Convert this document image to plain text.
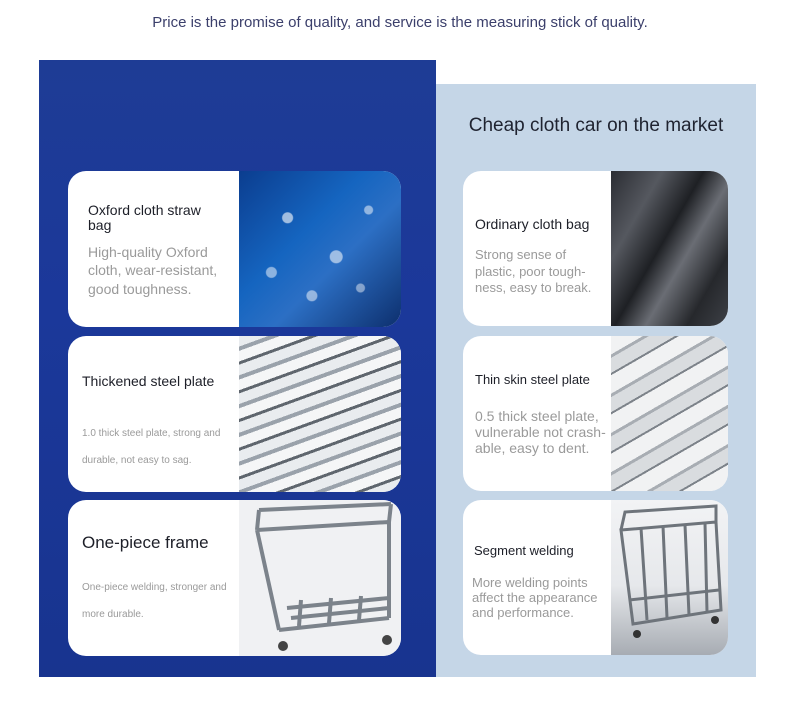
Price is the promise of quality, and service is the measuring stick of quality.
Cheap cloth car on the market
Oxford cloth straw bag
High-quality Oxford cloth, wear-resistant, good toughness.
Thickened steel plate
1.0 thick steel plate, strong and durable, not easy to sag.
One-piece frame
One-piece welding, stronger and more durable.
Ordinary cloth bag
Strong sense of plastic, poor tough-ness, easy to break.
Thin skin steel plate
0.5 thick steel plate, vulnerable not crash-able, easy to dent.
Segment welding
More welding points affect the appearance and performance.
